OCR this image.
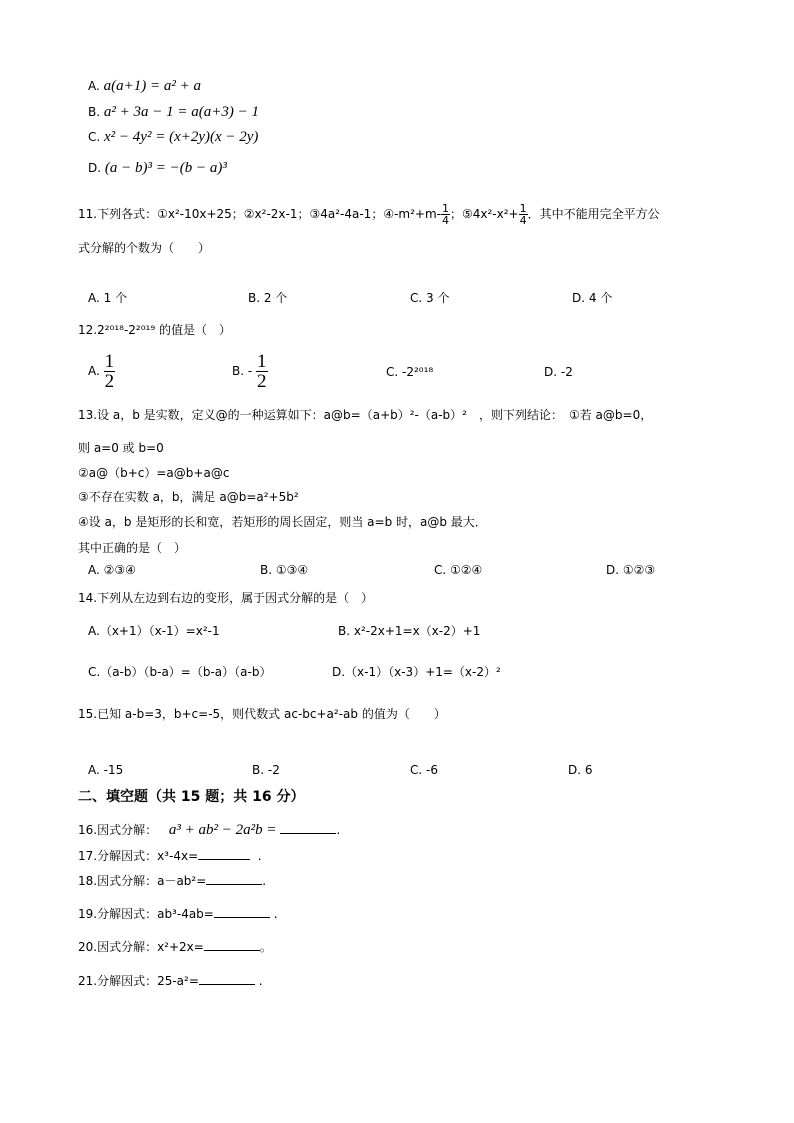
A. a(a+1) = a² + a
B. a² + 3a − 1 = a(a+3) − 1
C. x² − 4y² = (x+2y)(x − 2y)
D. (a − b)³ = −(b − a)³
11.下列各式：①x²-10x+25；②x²-2x-1；③4a²-4a-1；④-m²+m- $\frac{1}{4}$ ；⑤4x²-x²+ $\frac{1}{4}$ ．其中不能用完全平方公
式分解的个数为（　　）
A. 1 个	B. 2 个	C. 3 个	D. 4 个
12.2²⁰¹⁸-2²⁰¹⁹ 的值是（　）
A. $\frac{1}{2}$	B. - $\frac{1}{2}$	C. -2²⁰¹⁸	D. -2
13.设 a，b 是实数，定义@的一种运算如下：a@b=（a+b）²-（a-b）²　，则下列结论：　①若 a@b=0，
则 a=0 或 b=0
②a@（b+c）=a@b+a@c
③不存在实数 a，b，满足 a@b=a²+5b²
④设 a，b 是矩形的长和宽，若矩形的周长固定，则当 a=b 时，a@b 最大．
其中正确的是（　）
A. ②③④	B. ①③④	C. ①②④	D. ①②③
14.下列从左边到右边的变形，属于因式分解的是（　）
A.（x+1）（x-1）=x²-1	B. x²-2x+1=x（x-2）+1
C.（a-b）（b-a）=（b-a）（a-b）	D.（x-1）（x-3）+1=（x-2）²
15.已知 a-b=3，b+c=-5，则代数式 ac-bc+a²-ab 的值为（　　）
A. -15	B. -2	C. -6	D. 6
二、填空题（共 15 题；共 16 分）
16.因式分解： a³ + ab² − 2a²b =	.
17.分解因式：x³-4x=	.
18.因式分解：a－ab²=	.
19.分解因式：ab³-4ab=	.
20.因式分解：x²+2x=	。
21.分解因式：25-a²=	.
